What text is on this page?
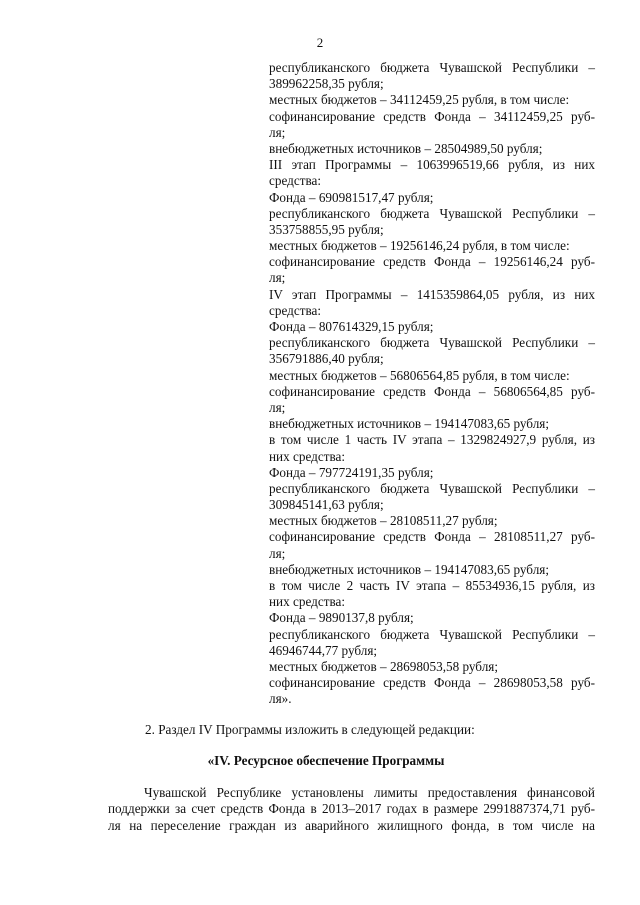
2
республиканского бюджета Чувашской Республики –
389962258,35 рубля;
местных бюджетов – 34112459,25 рубля, в том числе:
софинансирование средств Фонда – 34112459,25 руб-
ля;
внебюджетных источников – 28504989,50 рубля;
III этап Программы – 1063996519,66 рубля, из них
средства:
Фонда – 690981517,47 рубля;
республиканского бюджета Чувашской Республики –
353758855,95 рубля;
местных бюджетов – 19256146,24 рубля, в том числе:
софинансирование средств Фонда – 19256146,24 руб-
ля;
IV этап Программы – 1415359864,05 рубля, из них
средства:
Фонда – 807614329,15 рубля;
республиканского бюджета Чувашской Республики –
356791886,40 рубля;
местных бюджетов – 56806564,85 рубля, в том числе:
софинансирование средств Фонда – 56806564,85 руб-
ля;
внебюджетных источников – 194147083,65 рубля;
в том числе 1 часть IV этапа – 1329824927,9 рубля, из
них средства:
Фонда – 797724191,35 рубля;
республиканского бюджета Чувашской Республики –
309845141,63 рубля;
местных бюджетов – 28108511,27 рубля;
софинансирование средств Фонда – 28108511,27 руб-
ля;
внебюджетных источников – 194147083,65 рубля;
в том числе 2 часть IV этапа – 85534936,15 рубля, из
них средства:
Фонда – 9890137,8 рубля;
республиканского бюджета Чувашской Республики –
46946744,77 рубля;
местных бюджетов – 28698053,58 рубля;
софинансирование средств Фонда – 28698053,58 руб-
ля».
2. Раздел IV Программы изложить в следующей редакции:
«IV. Ресурсное обеспечение Программы
Чувашской Республике установлены лимиты предоставления финансовой
поддержки за счет средств Фонда в 2013–2017 годах в размере 2991887374,71 руб-
ля на переселение граждан из аварийного жилищного фонда, в том числе на
